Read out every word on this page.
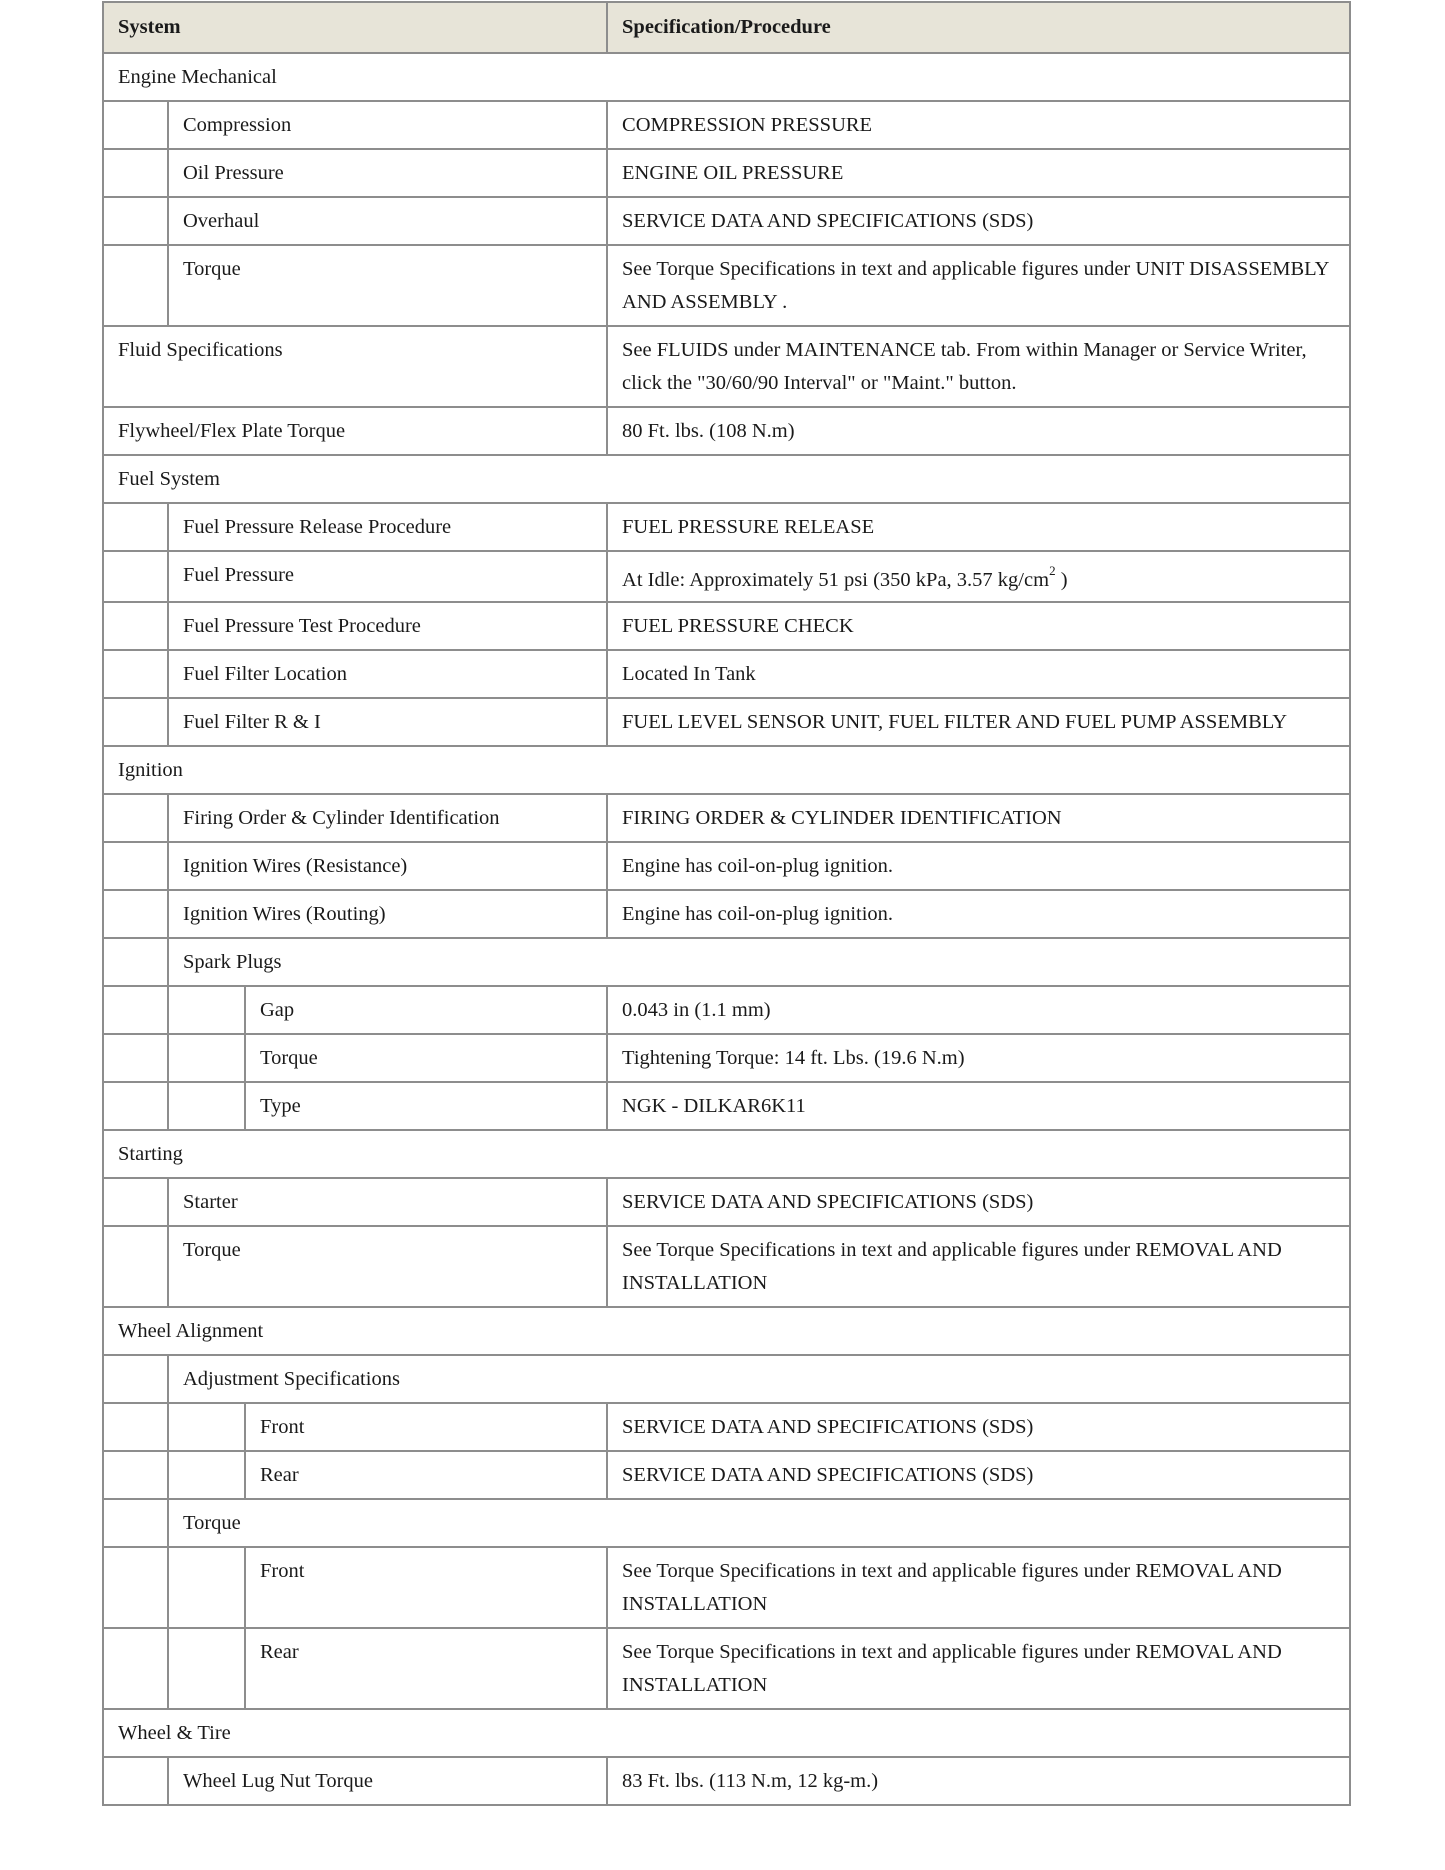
System			Specification/Procedure
Engine Mechanical			
	Compression		COMPRESSION PRESSURE
	Oil Pressure		ENGINE OIL PRESSURE
	Overhaul		SERVICE DATA AND SPECIFICATIONS (SDS)
	Torque		See Torque Specifications in text and applicable figures under UNIT DISASSEMBLY AND ASSEMBLY .
Fluid Specifications			See FLUIDS under MAINTENANCE tab. From within Manager or Service Writer, click the "30/60/90 Interval" or "Maint." button.
Flywheel/Flex Plate Torque			80 Ft. lbs. (108 N.m)
Fuel System			
	Fuel Pressure Release Procedure		FUEL PRESSURE RELEASE
	Fuel Pressure		At Idle: Approximately 51 psi (350 kPa, 3.57 $kg/cm^2$ )
	Fuel Pressure Test Procedure		FUEL PRESSURE CHECK
	Fuel Filter Location		Located In Tank
	Fuel Filter R & I		FUEL LEVEL SENSOR UNIT, FUEL FILTER AND FUEL PUMP ASSEMBLY
Ignition			
	Firing Order & Cylinder Identification		FIRING ORDER & CYLINDER IDENTIFICATION
	Ignition Wires (Resistance)		Engine has coil-on-plug ignition.
	Ignition Wires (Routing)		Engine has coil-on-plug ignition.
	Spark Plugs		
		Gap	0.043 in (1.1 mm)
		Torque	Tightening Torque: 14 ft. Lbs. (19.6 N.m)
		Type	NGK - DILKAR6K11
Starting			
	Starter		SERVICE DATA AND SPECIFICATIONS (SDS)
	Torque		See Torque Specifications in text and applicable figures under REMOVAL AND INSTALLATION
Wheel Alignment			
	Adjustment Specifications		
		Front	SERVICE DATA AND SPECIFICATIONS (SDS)
		Rear	SERVICE DATA AND SPECIFICATIONS (SDS)
	Torque		
		Front	See Torque Specifications in text and applicable figures under REMOVAL AND INSTALLATION
		Rear	See Torque Specifications in text and applicable figures under REMOVAL AND INSTALLATION
Wheel & Tire			
	Wheel Lug Nut Torque		83 Ft. lbs. (113 N.m, 12 kg-m.)
